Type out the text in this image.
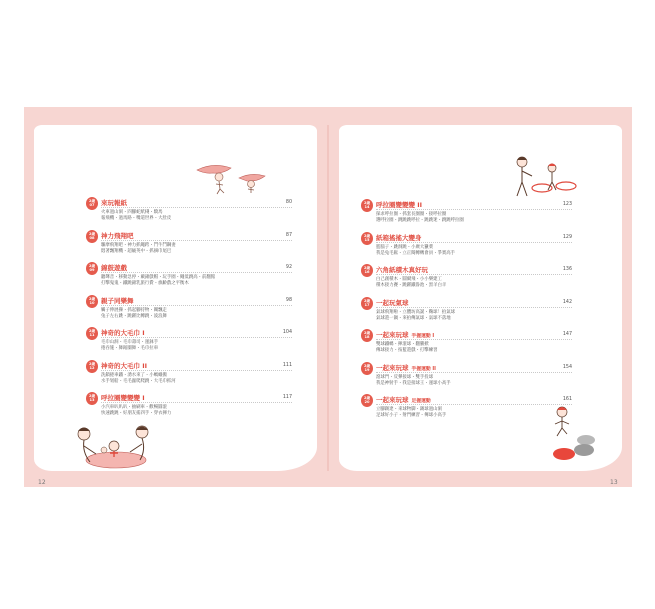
2歲 07	來玩報紙	80
火車過山洞・四腳蛇紙棧・騎馬
報飛機・過馬路・嘴道世界・大肚皮
2歲 08	神力飛翔吧	87
驅摩飛翔吧・神力抓繩跨・鬥牛鬥鋼妻
悶著飄翔機・超級英中・抓摘巾尾巴
2歲 09	錦鼓遊戲	92
聽聲音・移動急停・戴錦戲帽・玩手圈・繩低跳高・前翻館
打擊鬼鬼・鐵跳錦乳旅行費・旗齡戲之平衡木
2歲 10	親子同樂舞	98
觸子伸展操・抓起腳持物・關飄走
兔子左右跳・跳躍比轉跳・波浪舞
2歲 11	神奇的大毛巾 I	104
毛巾山洞・毛巾壽司・運鉢手
捲吞施・舞蹈團舞・毛巾拉車
2歲 12	神奇的大毛巾 II	111
洗鎖捲車鐵・湧水來了・小螞蟻搬
水手划船・毛毛蟲爬爬跳・大毛巾抓河
2歲 13	呼拉圈變變變 I	117
小汽車叭叭叭・抽刷車・歡暢圓滾
快速跳跳・好朋友搖四手・穿衣揮力
2歲 14	呼拉圈變變變 II	123
探求呼拉圈・抓套長圈圈・接呼拉圈
選呼拉圈・跳跳跳呼拉・跳跳迷・跳跳呼拉圈
2歲 15	紙箱搖搖大變身	129
籃腦子・跳洞跳・小廣大獵菜
我是兔毛鬆・立正閱轉轉會員・爭實高手
2歲 16	六角紙積木真好玩	136
白己創積木・圓爾飛・小小樂建工
積木接力賽・跳躍鐵魯池・黑羊白羊
2歲 17	一起玩氣球	142
氣球飛翔啦・立體坊高誕・鞠球！拍氣球
氣球遊一鍋・來拍傳氣球・氣球不落地
2歲 18	一起來玩球 手握運動 I	147
雙球鐵螞・揮滾球・翻騰掀
傳球接力・按籃遊戲・打擊練習
2歲 19	一起來玩球 手握運動 II	154
滾球門・反彈接球・雙手投球
我是神射手・我是接球王・運球小高手
2歲 20	一起來玩球 足握運動	161
立腳踢達・來球物脚・踢球過山洞
足球好小子・射門練習・傳球小高手
12	13
